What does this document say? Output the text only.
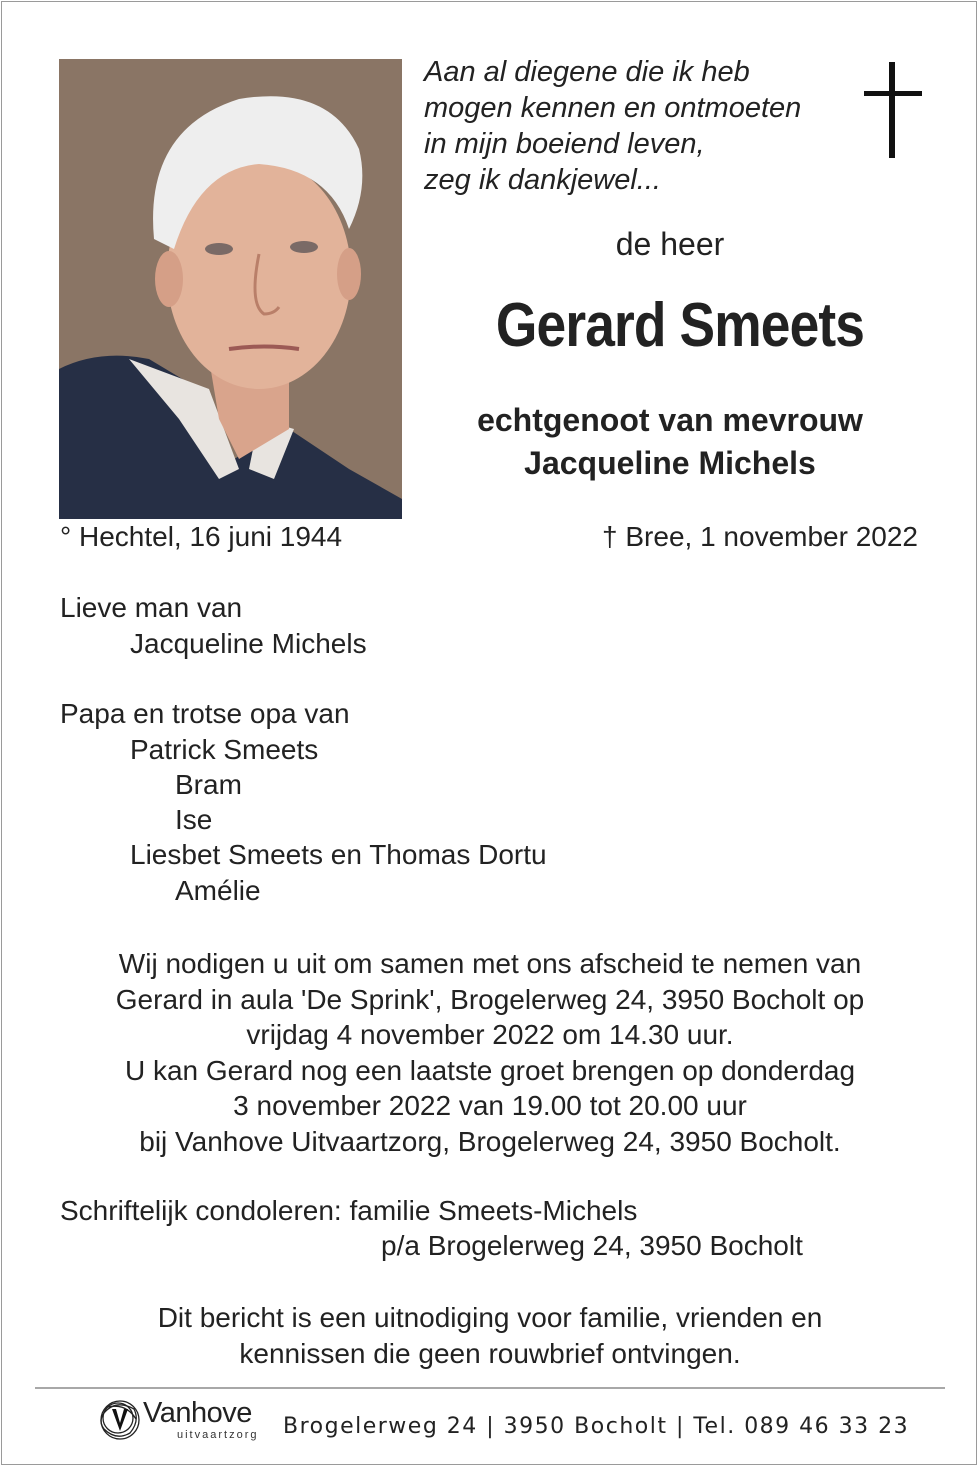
Aan al diegene die ik heb
mogen kennen en ontmoeten
in mijn boeiend leven,
zeg ik dankjewel...
de heer
Gerard Smeets
echtgenoot van mevrouw
Jacqueline Michels
° Hechtel, 16 juni 1944	† Bree, 1 november 2022
Lieve man van
Jacqueline Michels
Papa en trotse opa van
Patrick Smeets
Bram
Ise
Liesbet Smeets en Thomas Dortu
Amélie
Wij nodigen u uit om samen met ons afscheid te nemen van
Gerard in aula 'De Sprink', Brogelerweg 24, 3950 Bocholt op
vrijdag 4 november 2022 om 14.30 uur.
U kan Gerard nog een laatste groet brengen op donderdag
3 november 2022 van 19.00 tot 20.00 uur
bij Vanhove Uitvaartzorg, Brogelerweg 24, 3950 Bocholt.
Schriftelijk condoleren: familie Smeets-Michels
p/a Brogelerweg 24, 3950 Bocholt
Dit bericht is een uitnodiging voor familie, vrienden en
kennissen die geen rouwbrief ontvingen.
Vanhove
uitvaartzorg Brogelerweg 24 | 3950 Bocholt | Tel. 089 46 33 23
